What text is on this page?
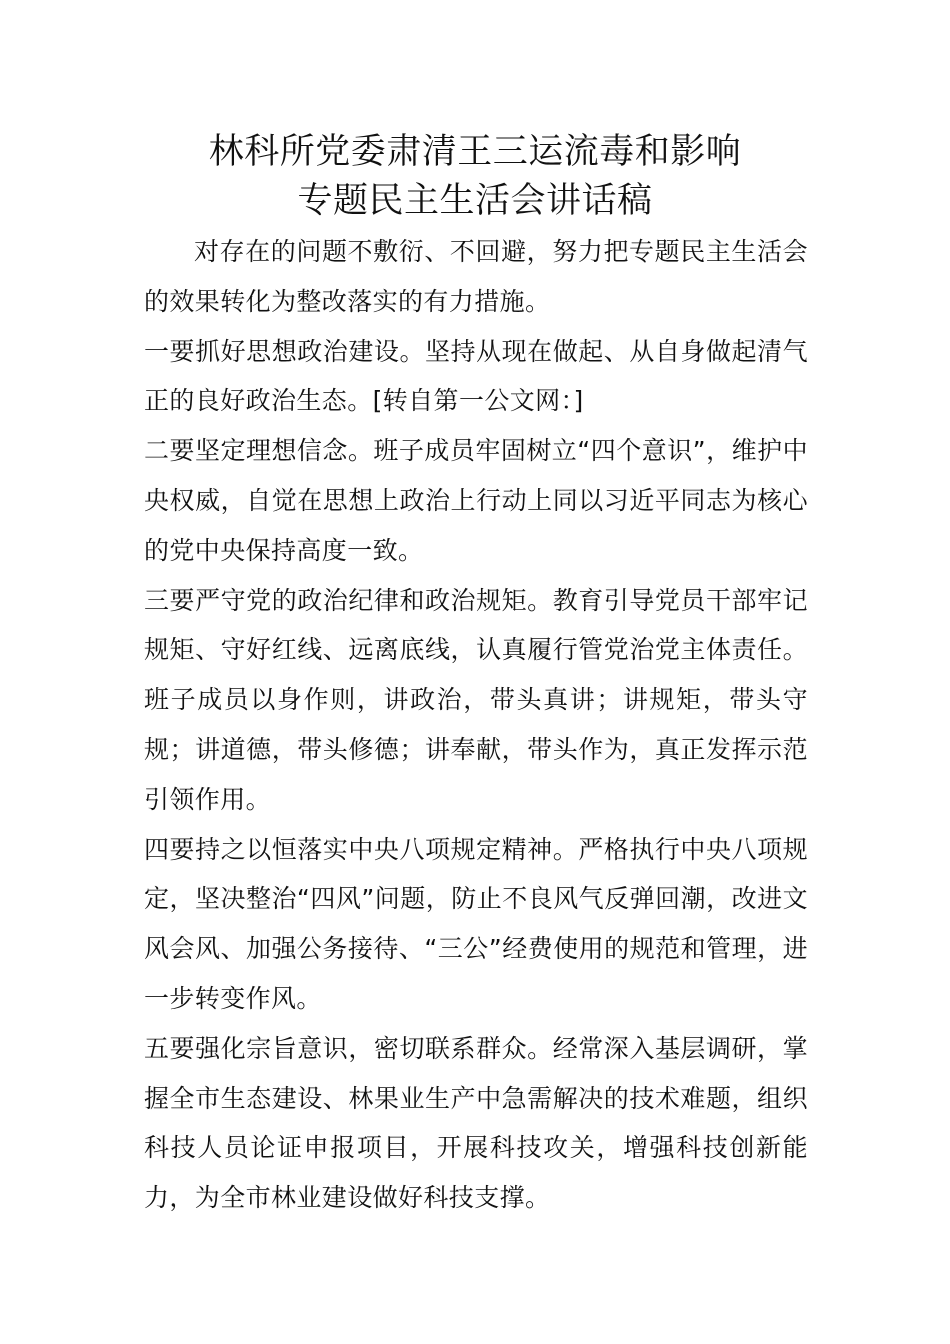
林科所党委肃清王三运流毒和影响
专题民主生活会讲话稿

对存在的问题不敷衍、不回避，努力把专题民主生活会的效果转化为整改落实的有力措施。

一要抓好思想政治建设。坚持从现在做起、从自身做起清气正的良好政治生态。[转自第一公文网：]

二要坚定理想信念。班子成员牢固树立“四个意识”，维护中央权威，自觉在思想上政治上行动上同以习近平同志为核心的党中央保持高度一致。

三要严守党的政治纪律和政治规矩。教育引导党员干部牢记规矩、守好红线、远离底线，认真履行管党治党主体责任。班子成员以身作则，讲政治，带头真讲；讲规矩，带头守规；讲道德，带头修德；讲奉献，带头作为，真正发挥示范引领作用。

四要持之以恒落实中央八项规定精神。严格执行中央八项规定，坚决整治“四风”问题，防止不良风气反弹回潮，改进文风会风、加强公务接待、“三公”经费使用的规范和管理，进一步转变作风。

五要强化宗旨意识，密切联系群众。经常深入基层调研，掌握全市生态建设、林果业生产中急需解决的技术难题，组织科技人员论证申报项目，开展科技攻关，增强科技创新能力，为全市林业建设做好科技支撑。
